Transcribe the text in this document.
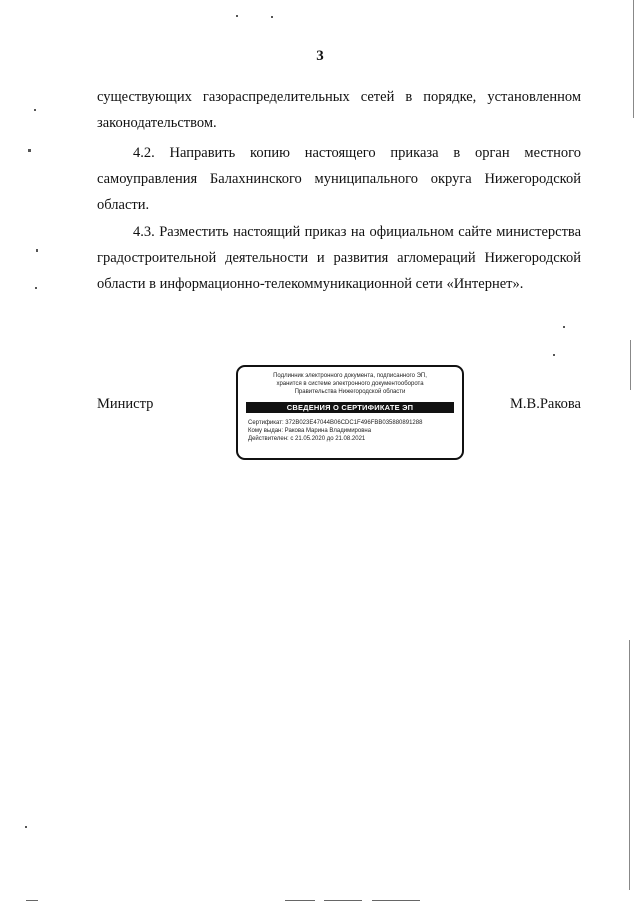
3
существующих газораспределительных сетей в порядке, установленном
законодательством.
4.2. Направить копию настоящего приказа в орган местного
самоуправления Балахнинского муниципального округа Нижегородской
области.
4.3. Разместить настоящий приказ на официальном сайте министерства
градостроительной деятельности и развития агломераций Нижегородской
области в информационно-телекоммуникационной сети «Интернет».
Министр
Подлинник электронного документа, подписанного ЭП,
хранится в системе электронного документооборота
Правительства Нижегородской области
СВЕДЕНИЯ О СЕРТИФИКАТЕ ЭП
Сертификат: 372B023E47044B06CDC1F496FBB035880891288
Кому выдан: Ракова Марина Владимировна
Действителен: с 21.05.2020 до 21.08.2021
М.В.Ракова
